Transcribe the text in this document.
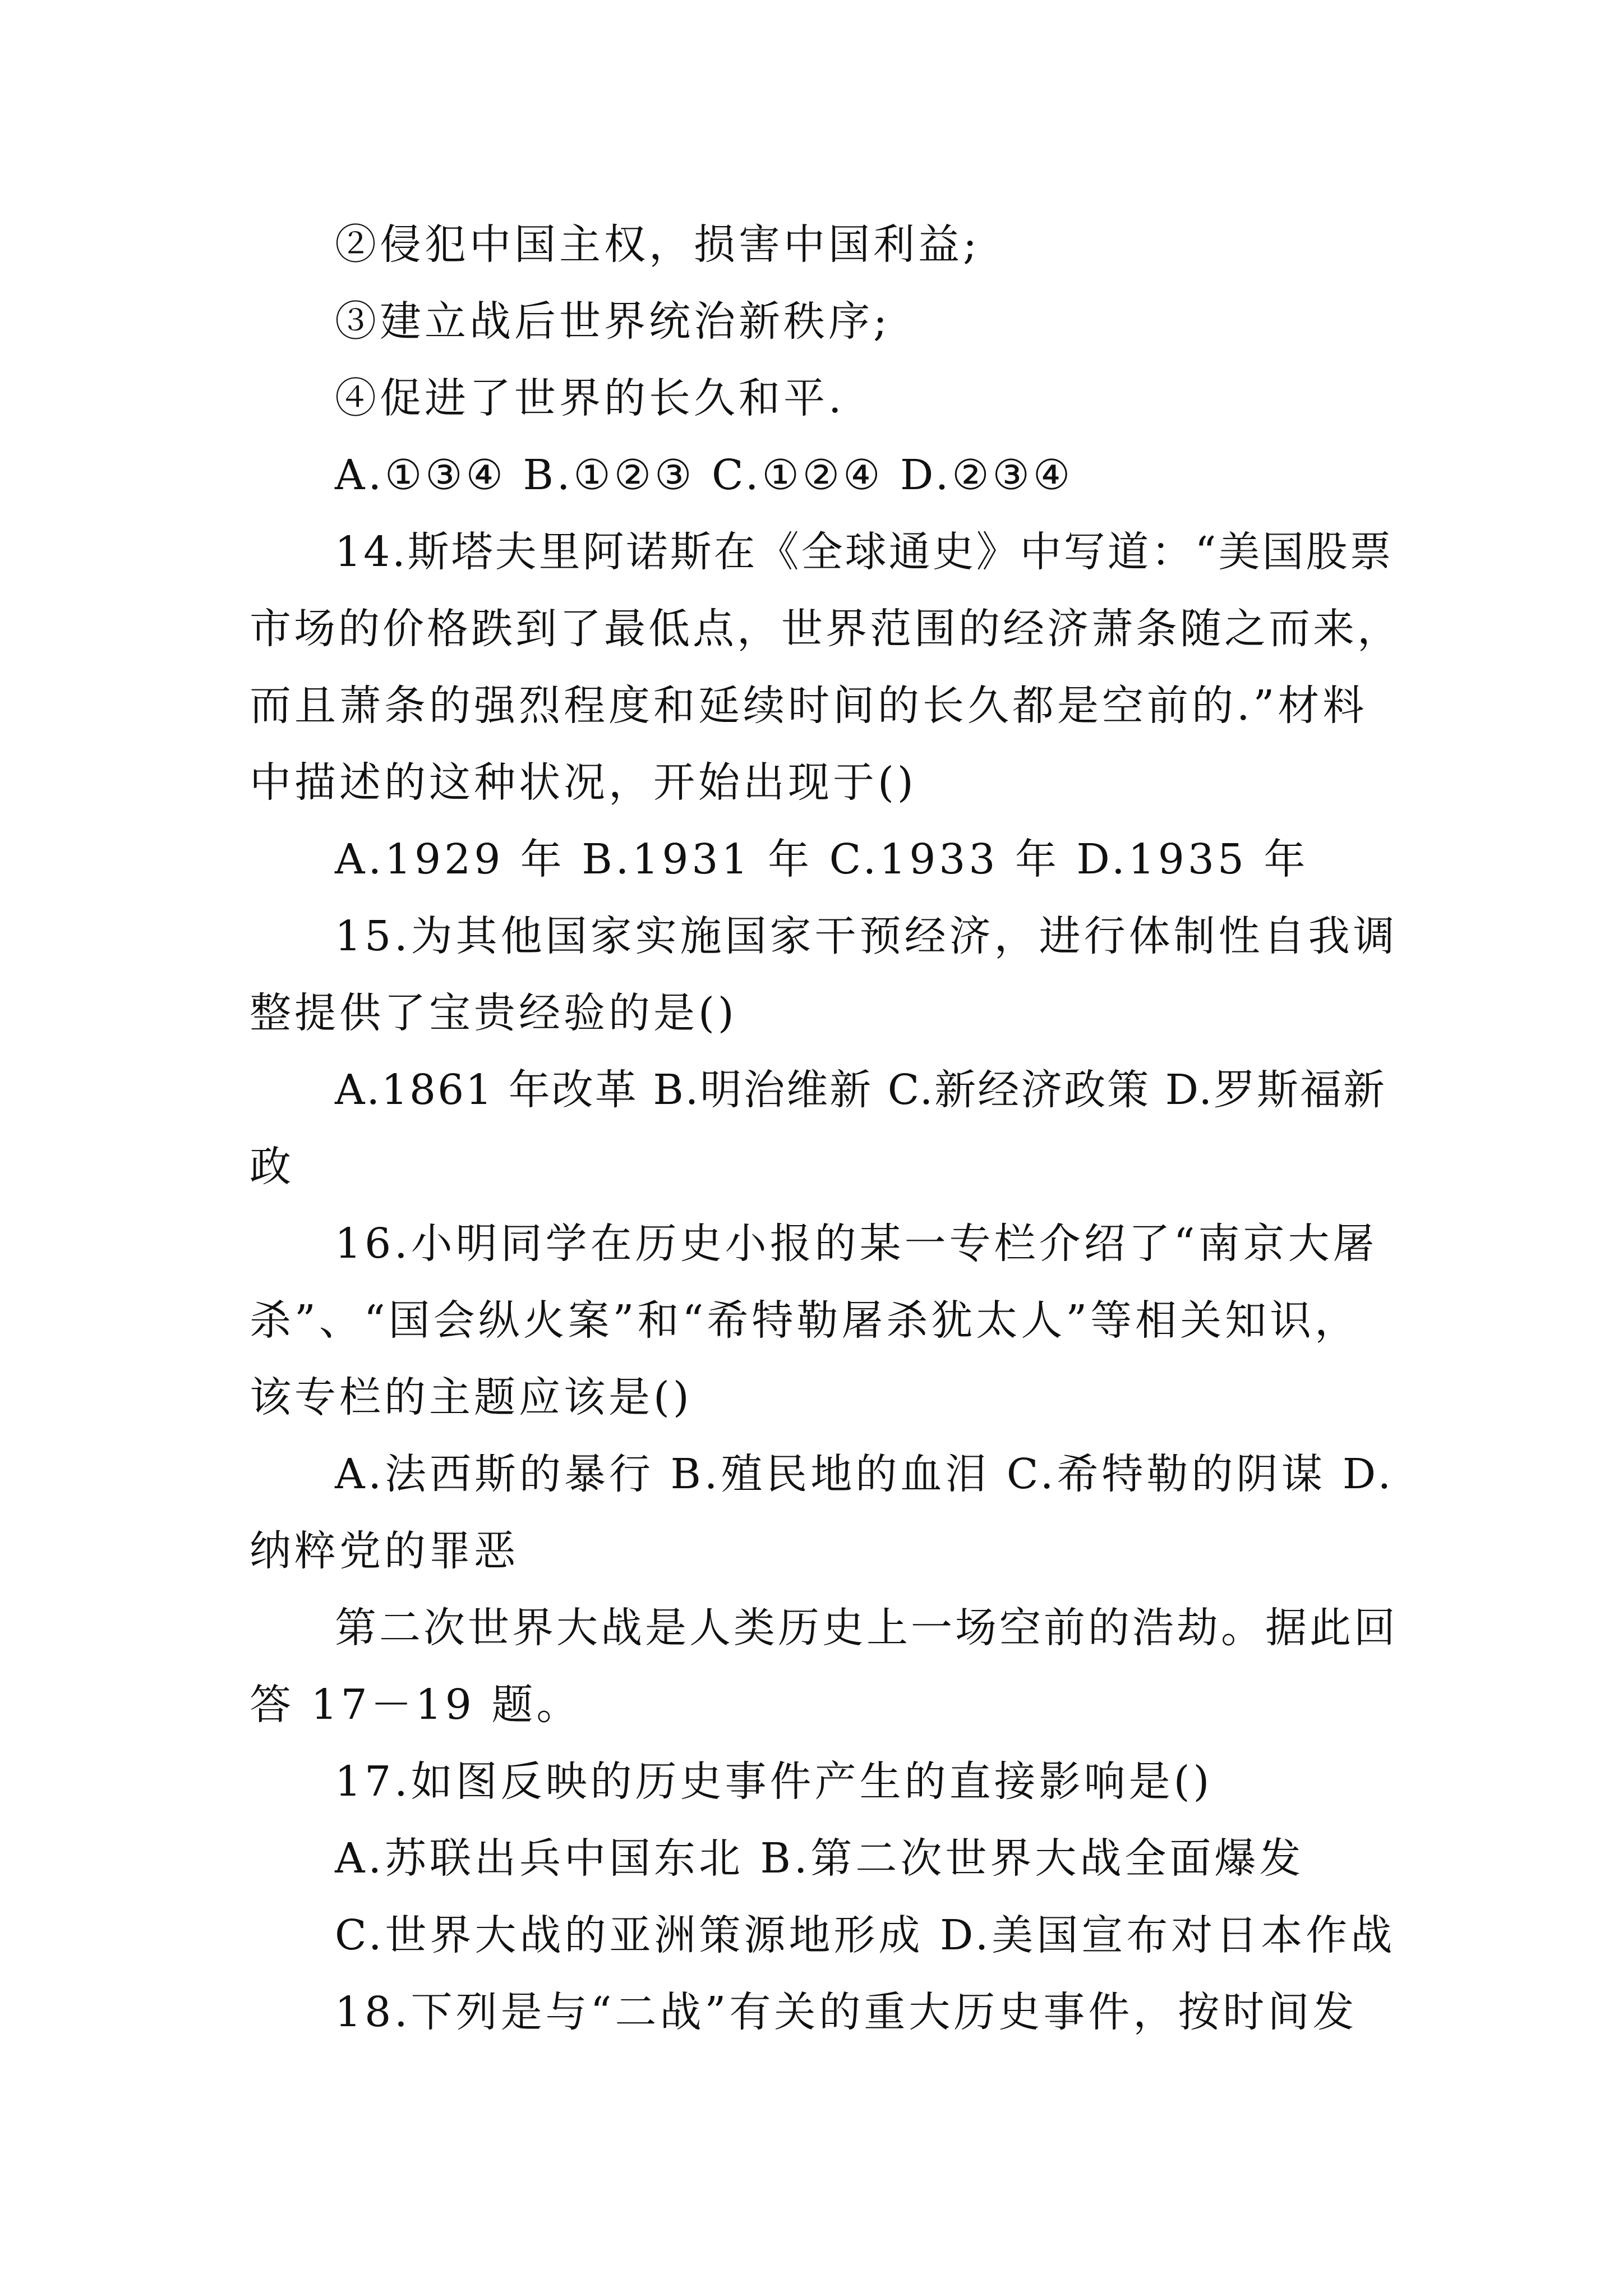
②侵犯中国主权，损害中国利益;
③建立战后世界统治新秩序;
④促进了世界的长久和平.
A.①③④ B.①②③ C.①②④ D.②③④
14.斯塔夫里阿诺斯在《全球通史》中写道：“美国股票
市场的价格跌到了最低点，世界范围的经济萧条随之而来，
而且萧条的强烈程度和延续时间的长久都是空前的.”材料
中描述的这种状况，开始出现于()
A.1929 年 B.1931 年 C.1933 年 D.1935 年
15.为其他国家实施国家干预经济，进行体制性自我调
整提供了宝贵经验的是()
A.1861 年改革 B.明治维新 C.新经济政策 D.罗斯福新
政
16.小明同学在历史小报的某一专栏介绍了“南京大屠
杀”、“国会纵火案”和“希特勒屠杀犹太人”等相关知识，
该专栏的主题应该是()
A.法西斯的暴行 B.殖民地的血泪 C.希特勒的阴谋 D.
纳粹党的罪恶
第二次世界大战是人类历史上一场空前的浩劫。据此回
答 17－19 题。
17.如图反映的历史事件产生的直接影响是()
A.苏联出兵中国东北 B.第二次世界大战全面爆发
C.世界大战的亚洲策源地形成 D.美国宣布对日本作战
18.下列是与“二战”有关的重大历史事件，按时间发
